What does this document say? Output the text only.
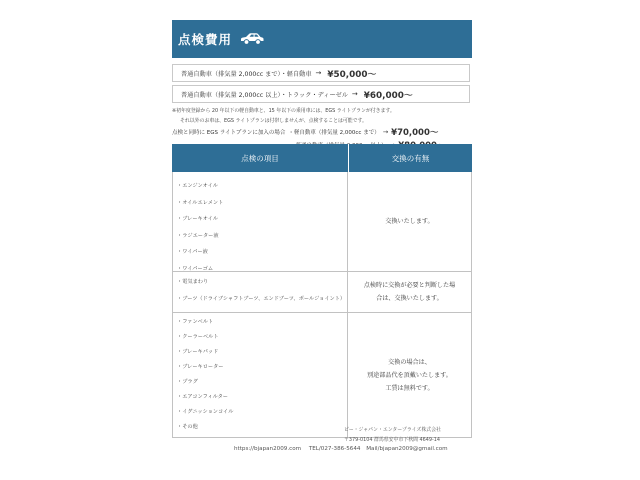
点検費用
普通自動車（排気量 2,000cc まで）・軽自動車 → ¥50,000〜
普通自動車（排気量 2,000cc 以上）・トラック・ディーゼル → ¥60,000〜
※初年度登録から 20 年以下の軽自動車と、15 年以下の乗用車には、EGS ライトプランが付きます。
それ以外のお車は、EGS ライトプランは付帯しませんが、点検することは可能です。
点検と同時に EGS ライトプランに加入の場合 ・軽自動車（排気量 2,000cc まで） → ¥70,000〜
点検の項目	交換の有無
・エンジンオイル
・オイルエレメント
・ブレーキオイル
・ラジエーター液
・ワイパー液
・ワイパーゴム
交換いたします。
・電気まわり
・ブーツ（ドライブシャフトブーツ、エンドブーツ、ボールジョイント）
点検時に交換が必要と判断した場
合は、交換いたします。
・ファンベルト
・クーラーベルト
・ブレーキパッド
・ブレーキローター
・プラグ
・エアコンフィルター
・イグニッションコイル
・その他
交換の場合は、
別途部品代を頂戴いたします。
工賃は無料です。
ビー・ジャパン・エンタープライズ株式会社
〒379-0104 群馬県安中市下秋間 4649-14
https://bjapan2009.com TEL/027-386-5644 Mail/bjapan2009@gmail.com
